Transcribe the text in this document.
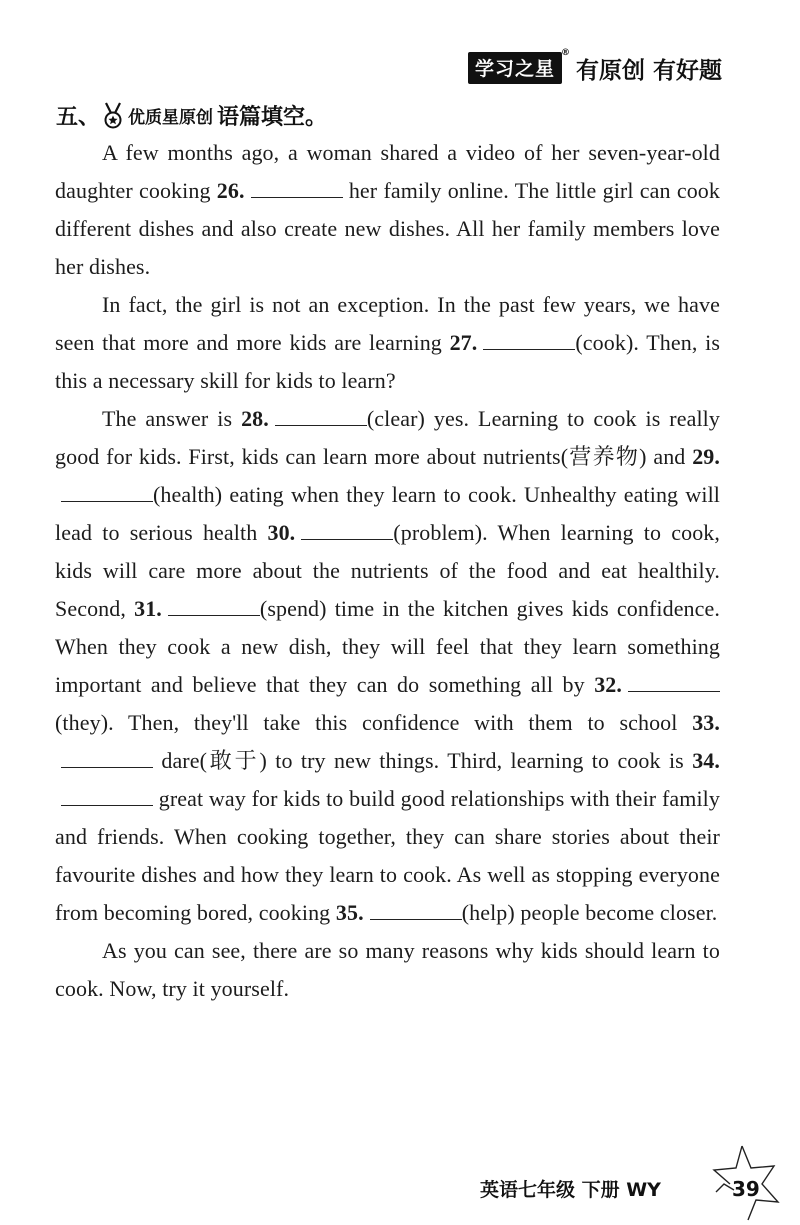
学习之星
®
有原创 有好题
五、 优质星原创 语篇填空。

A few months ago, a woman shared a video of her seven-year-old daughter cooking 26.	her family online. The little girl can cook different dishes and also create new dishes. All her family members love her dishes.

In fact, the girl is not an exception. In the past few years, we have seen that more and more kids are learning 27.	(cook). Then, is this a necessary skill for kids to learn?

The answer is 28.	(clear) yes. Learning to cook is really good for kids. First, kids can learn more about nutrients(营养物) and 29.(health) eating when they learn to cook. Unhealthy eating will lead to serious health 30.	(problem). When learning to cook, kids will care more about the nutrients of the food and eat healthily. Second, 31.	(spend) time in the kitchen gives kids confidence. When they cook a new dish, they will feel that they learn something important and believe that they can do something all by 32.(they). Then, they'll take this confidence with them to school 33. dare(敢于) to try new things. Third, learning to cook is 34. great way for kids to build good relationships with their family and friends. When cooking together, they can share stories about their favourite dishes and how they learn to cook. As well as stopping everyone from becoming bored, cooking 35.	(help) people become closer.

As you can see, there are so many reasons why kids should learn to cook. Now, try it yourself.

英语七年级 下册 WY	39
